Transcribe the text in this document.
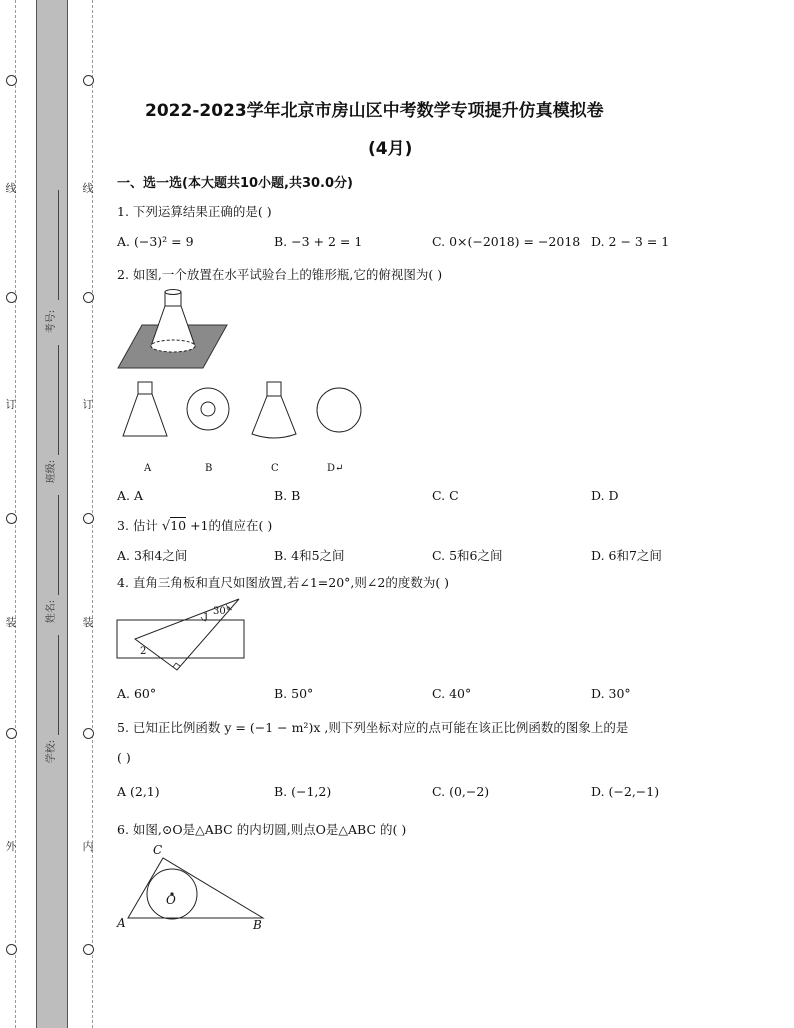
线
订
装
外
线
订
装
内
考号:
班级:
姓名:
学校:
2022-2023学年北京市房山区中考数学专项提升仿真模拟卷
(4月)
一、选一选(本大题共10小题,共30.0分)
1. 下列运算结果正确的是( )
A. (−3)² = 9	B. −3 + 2 = 1	C. 0×(−2018) = −2018 D. 2 − 3 = 1
2. 如图,一个放置在水平试验台上的锥形瓶,它的俯视图为( )
A	B	C	D↵
A. A	B. B	C. C	D. D
3. 估计 √10 +1的值应在( )
A. 3和4之间	B. 4和5之间	C. 5和6之间	D. 6和7之间
4. 直角三角板和直尺如图放置,若∠1=20°,则∠2的度数为( )
1
30°
2
A. 60°	B. 50°	C. 40°	D. 30°
5. 已知正比例函数 y = (−1 − m²)x ,则下列坐标对应的点可能在该正比例函数的图象上的是
( )
A (2,1)	B. (−1,2)	C. (0,−2)	D. (−2,−1)
6. 如图,⊙O是△ABC 的内切圆,则点O是△ABC 的( )
C
O
A	B
